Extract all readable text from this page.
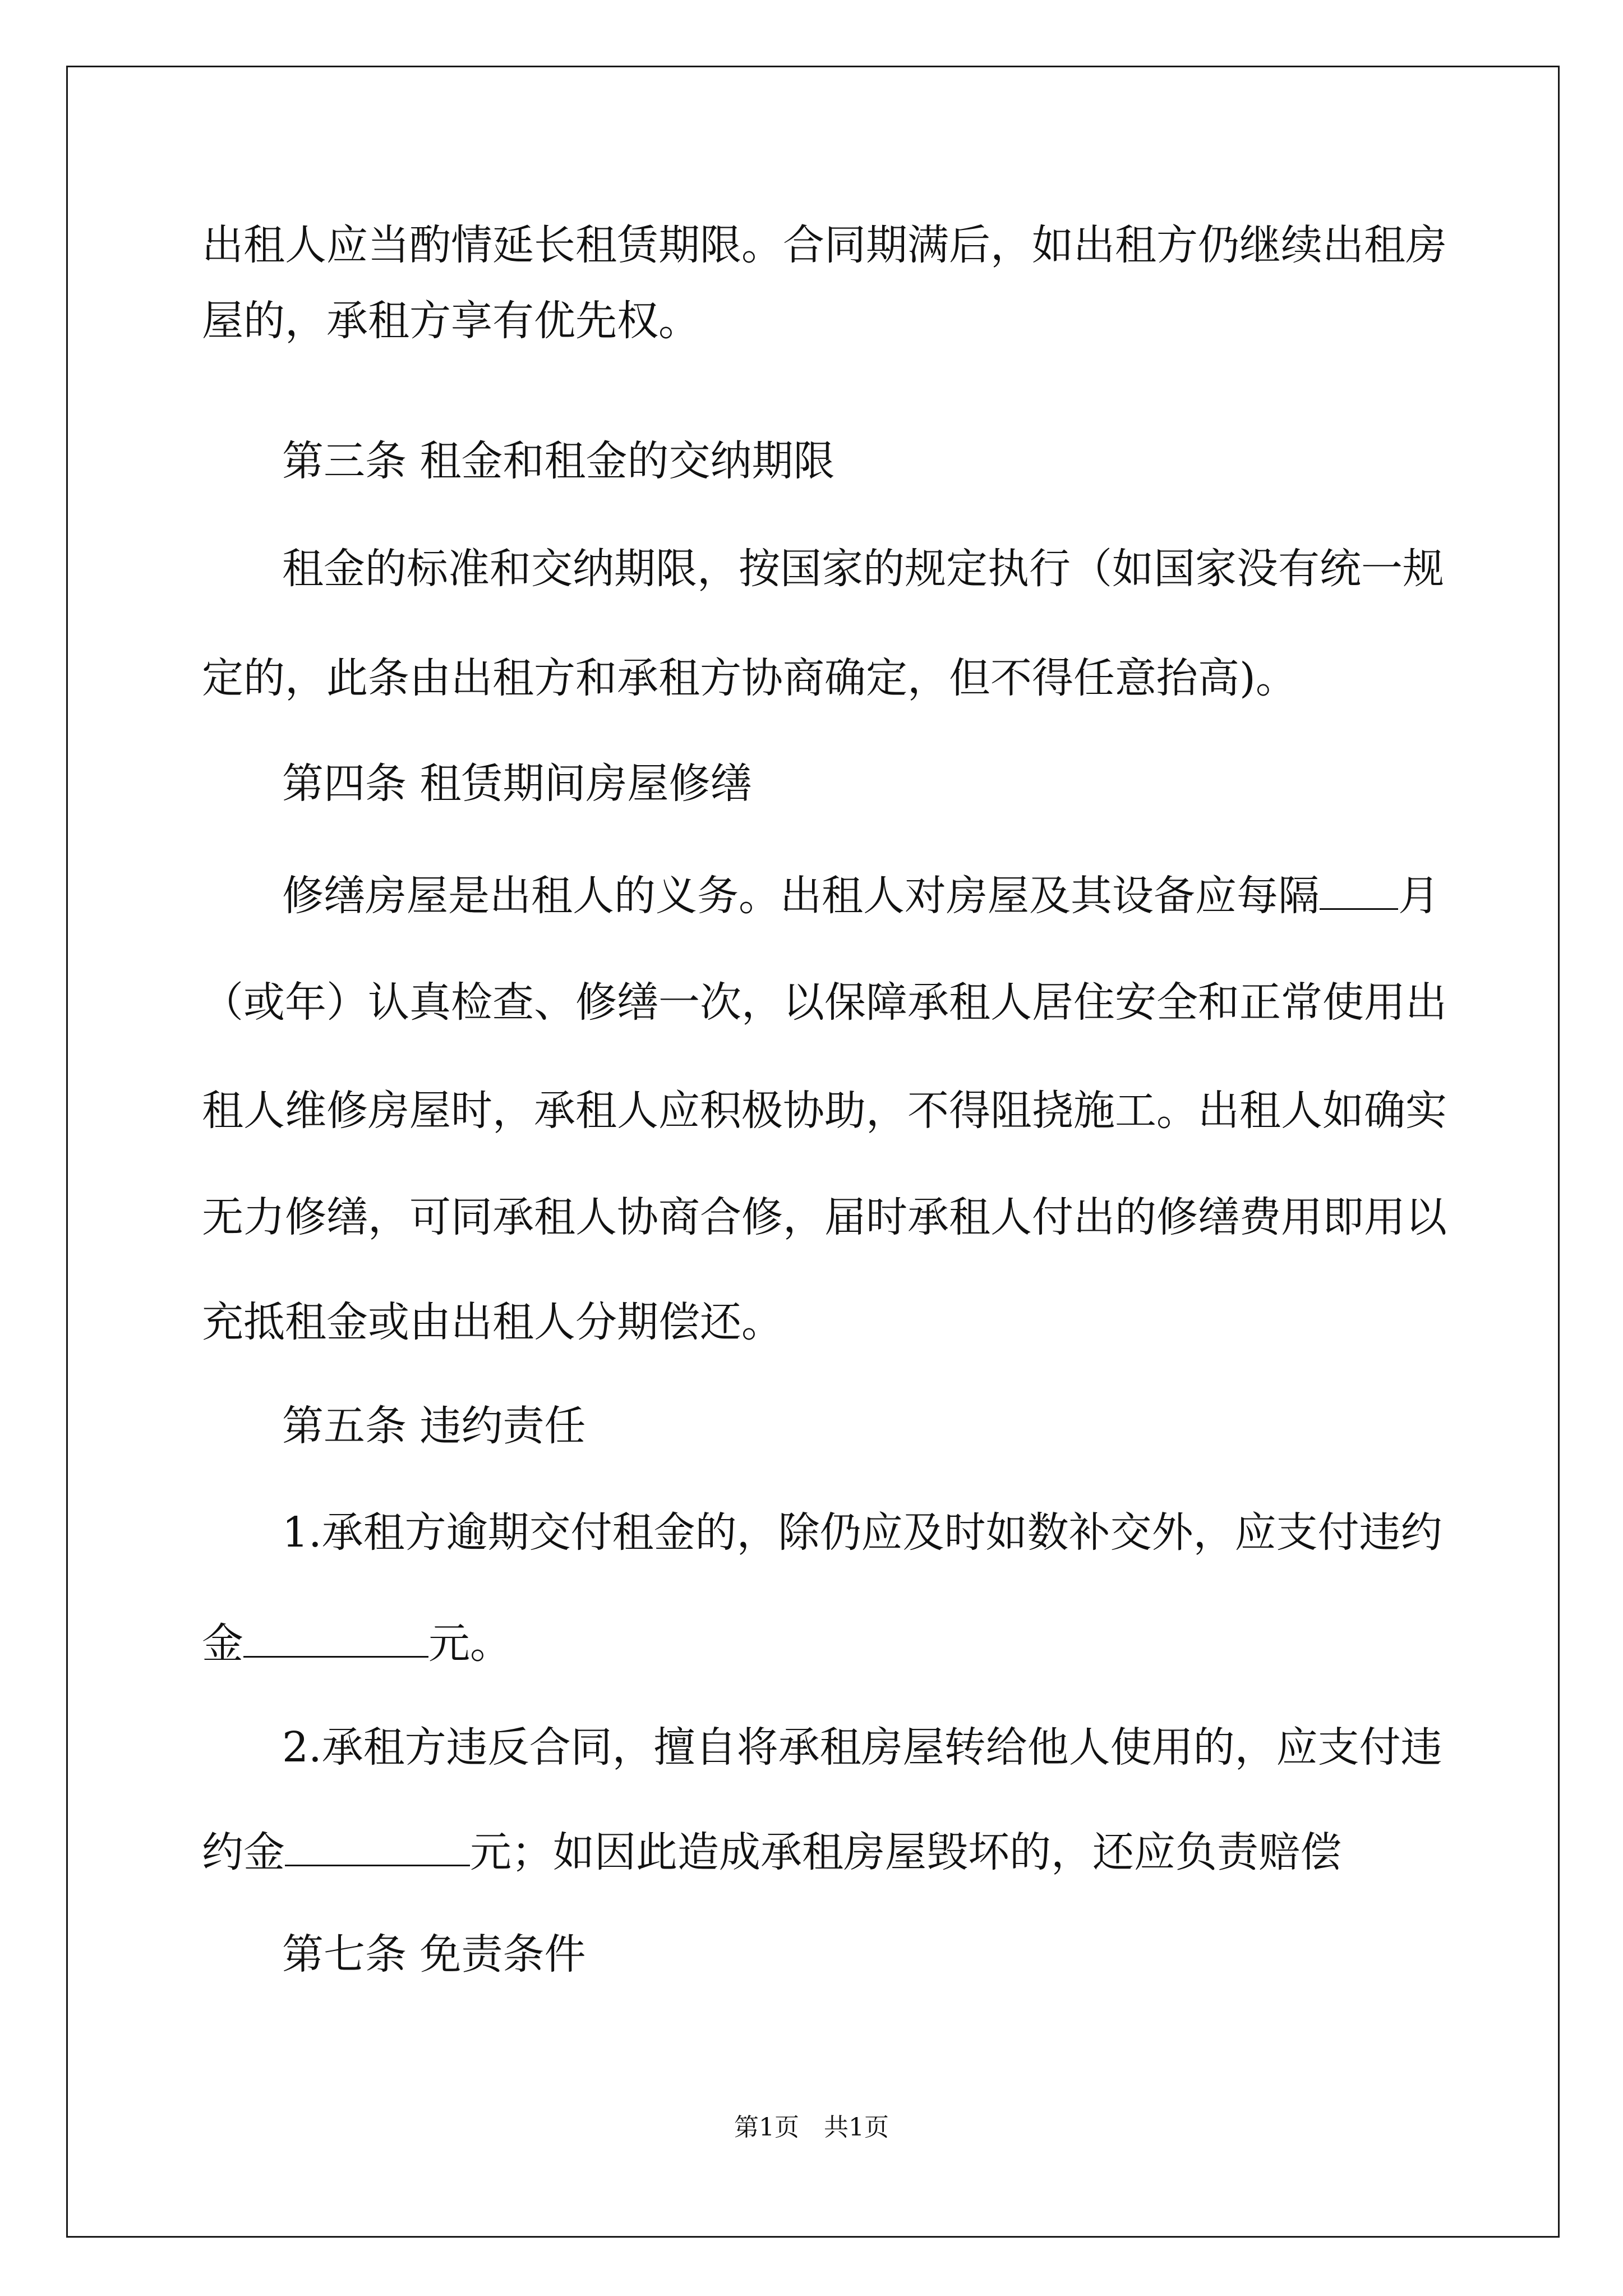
出租人应当酌情延长租赁期限。合同期满后，如出租方仍继续出租房

屋的，承租方享有优先权。

第三条 租金和租金的交纳期限

租金的标准和交纳期限，按国家的规定执行（如国家没有统一规

定的，此条由出租方和承租方协商确定，但不得任意抬高)。

第四条 租赁期间房屋修缮

修缮房屋是出租人的义务。出租人对房屋及其设备应每隔 月

（或年）认真检查、修缮一次，以保障承租人居住安全和正常使用出

租人维修房屋时，承租人应积极协助，不得阻挠施工。出租人如确实

无力修缮，可同承租人协商合修，届时承租人付出的修缮费用即用以

充抵租金或由出租人分期偿还。

第五条 违约责任

1.承租方逾期交付租金的，除仍应及时如数补交外，应支付违约

金	元。

2.承租方违反合同，擅自将承租房屋转给他人使用的，应支付违

约金	元；如因此造成承租房屋毁坏的，还应负责赔偿

第七条 免责条件

第1页　共1页
